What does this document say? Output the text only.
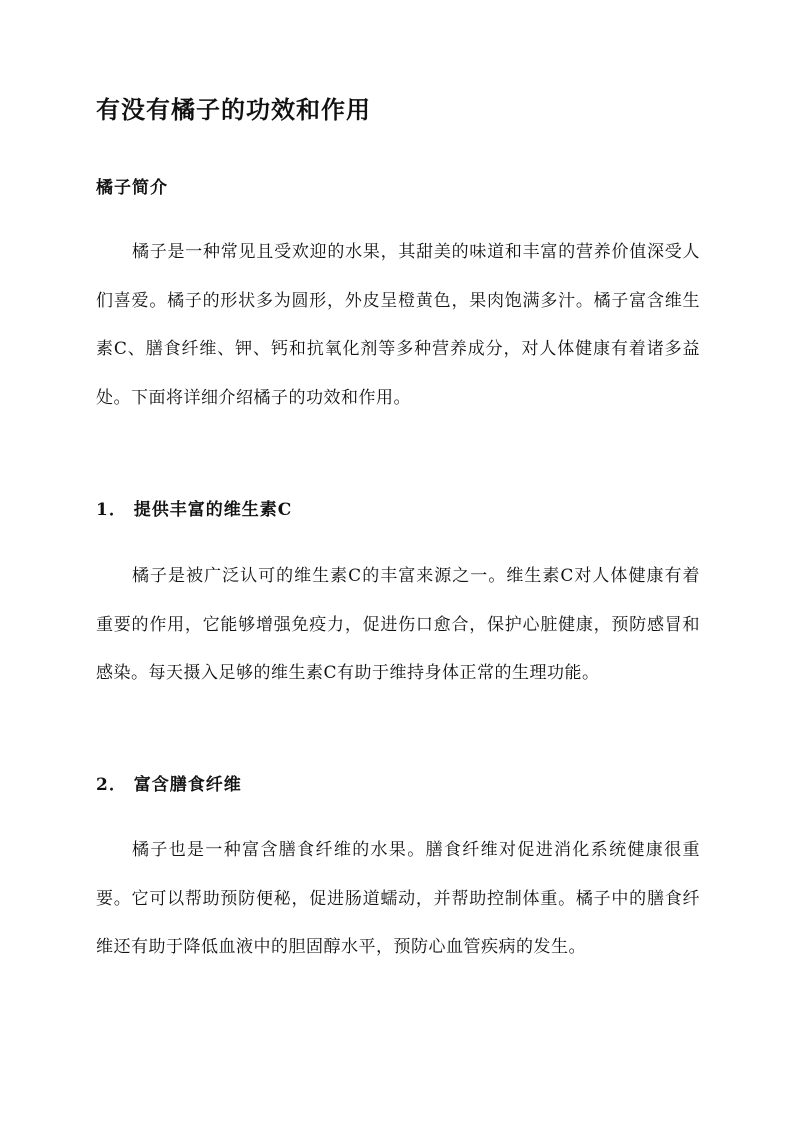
有没有橘子的功效和作用
橘子简介

橘子是一种常见且受欢迎的水果，其甜美的味道和丰富的营养价值深受人们喜爱。橘子的形状多为圆形，外皮呈橙黄色，果肉饱满多汁。橘子富含维生素C、膳食纤维、钾、钙和抗氧化剂等多种营养成分，对人体健康有着诸多益处。下面将详细介绍橘子的功效和作用。

1． 提供丰富的维生素C

橘子是被广泛认可的维生素C的丰富来源之一。维生素C对人体健康有着重要的作用，它能够增强免疫力，促进伤口愈合，保护心脏健康，预防感冒和感染。每天摄入足够的维生素C有助于维持身体正常的生理功能。

2． 富含膳食纤维

橘子也是一种富含膳食纤维的水果。膳食纤维对促进消化系统健康很重要。它可以帮助预防便秘，促进肠道蠕动，并帮助控制体重。橘子中的膳食纤维还有助于降低血液中的胆固醇水平，预防心血管疾病的发生。
